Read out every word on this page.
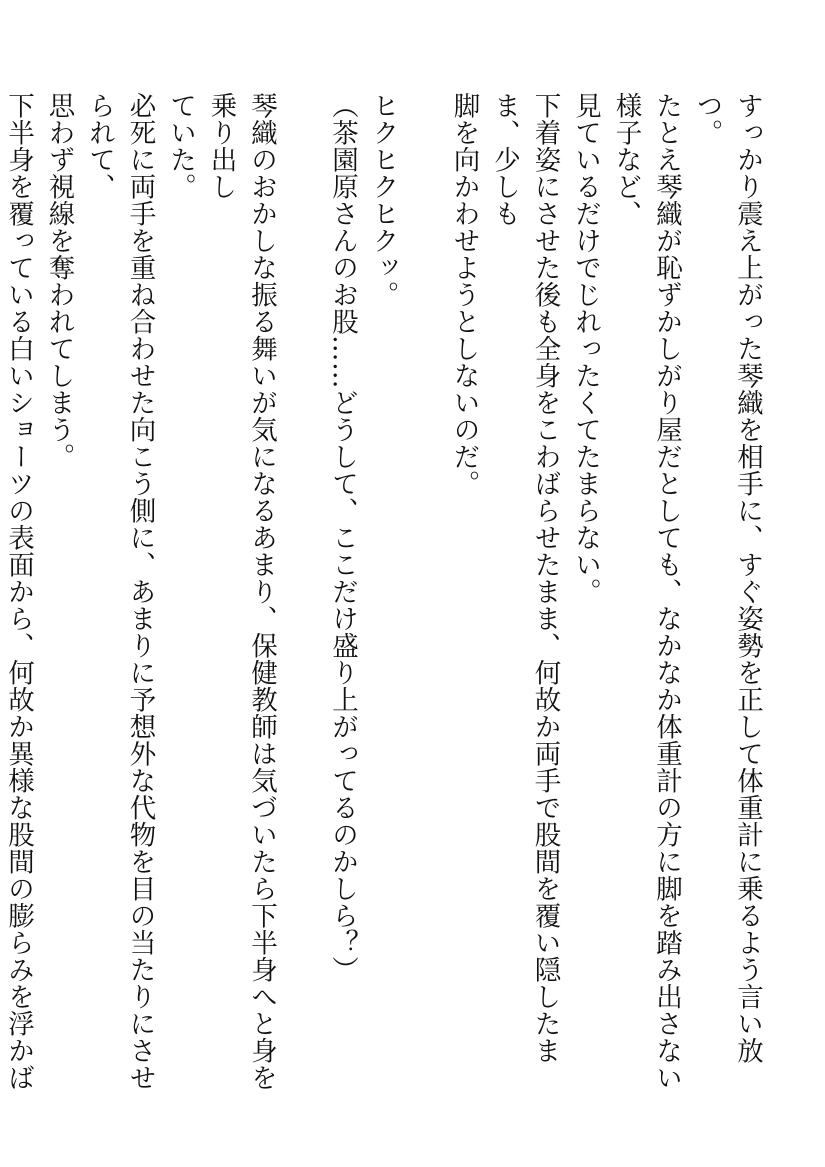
すっかり震え上がった琴織を相手に、すぐ姿勢を正して体重計に乗るよう言い放つ。
たとえ琴織が恥ずかしがり屋だとしても、なかなか体重計の方に脚を踏み出さない様子など、
見ているだけでじれったくてたまらない。

下着姿にさせた後も全身をこわばらせたまま、何故か両手で股間を覆い隠したまま、少しも
脚を向かわせようとしないのだ。

ヒクヒクヒクッ。

（茶園原さんのお股……どうして、ここだけ盛り上がってるのかしら？）

琴織のおかしな振る舞いが気になるあまり、保健教師は気づいたら下半身へと身を乗り出し
ていた。

必死に両手を重ね合わせた向こう側に、あまりに予想外な代物を目の当たりにさせられて、
思わず視線を奪われてしまう。

下半身を覆っている白いショーツの表面から、何故か異様な股間の膨らみを浮かば
